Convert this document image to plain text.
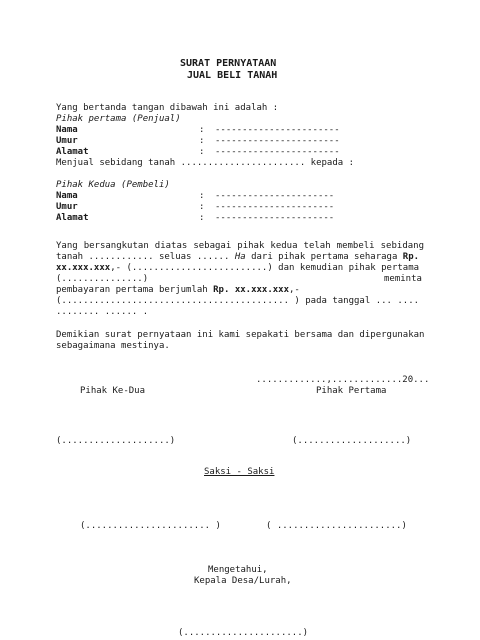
SURAT PERNYATAAN
JUAL BELI TANAH
Yang bertanda tangan dibawah ini adalah :
Pihak pertama (Penjual)
Nama	: -----------------------
Umur	: -----------------------
Alamat	: -----------------------
Menjual sebidang tanah ....................... kepada :
Pihak Kedua (Pembeli)
Nama	: ----------------------
Umur	: ----------------------
Alamat	: ----------------------
Yang bersangkutan diatas sebagai pihak kedua telah membeli sebidang
tanah ............ seluas ...... Ha dari pihak pertama seharaga Rp.
xx.xxx.xxx,- (.........................) dan kemudian pihak pertama
(...............)	meminta
pembayaran pertama berjumlah Rp. xx.xxx.xxx,-
(.......................................... ) pada tanggal ... ....
........ ...... .
Demikian surat pernyataan ini kami sepakati bersama dan dipergunakan
sebagaimana mestinya.
.............,.............20...
Pihak Ke-Dua	Pihak Pertama
(....................)	(....................)
Saksi - Saksi
(....................... )	( .......................)
Mengetahui,
Kepala Desa/Lurah,
(......................)
